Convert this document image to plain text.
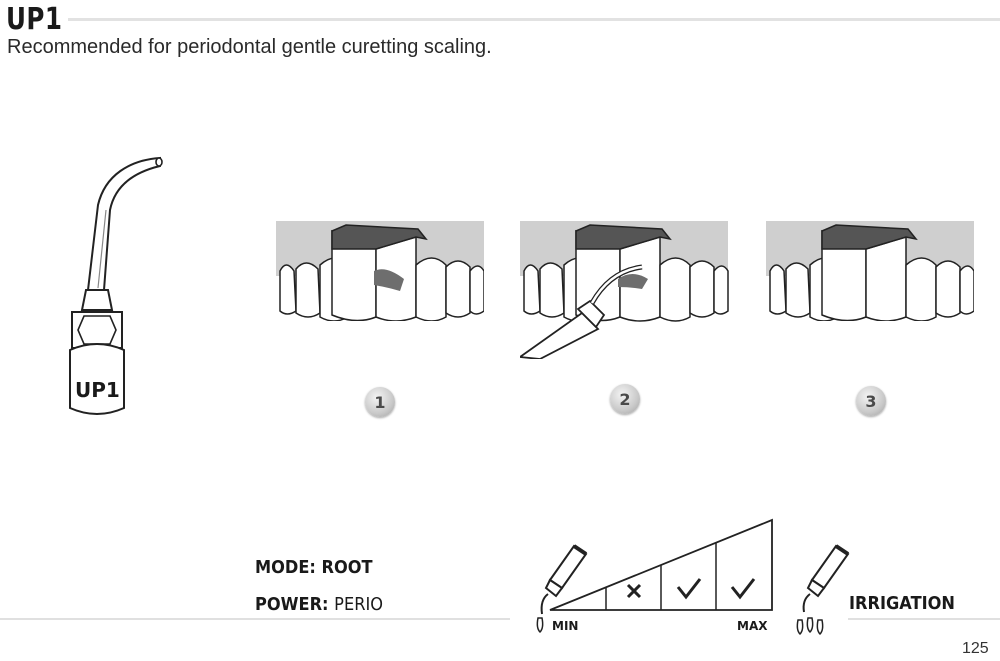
UP1
Recommended for periodontal gentle curetting scaling.
UP1	1	2	3
MODE: ROOT
POWER: PERIO
MIN	MAX
IRRIGATION
125
